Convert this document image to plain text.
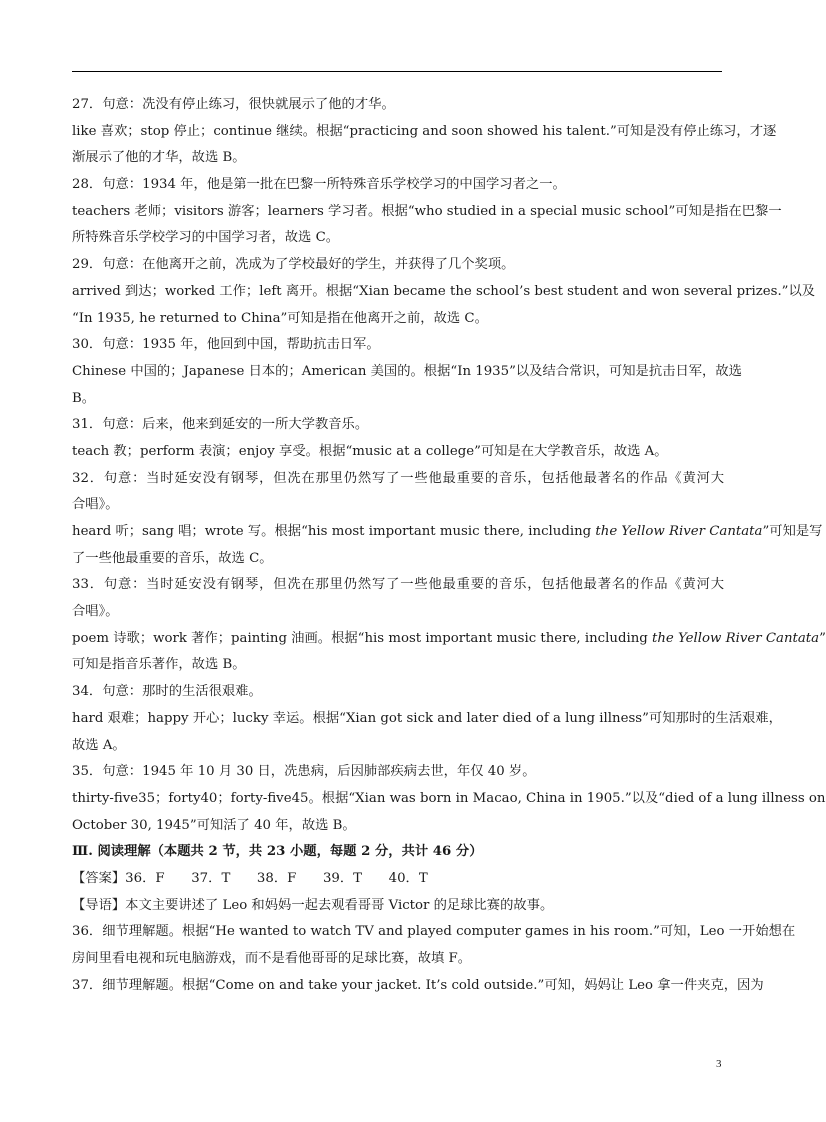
27．句意：冼没有停止练习，很快就展示了他的才华。
like 喜欢；stop 停止；continue 继续。根据“practicing and soon showed his talent.”可知是没有停止练习，才逐
渐展示了他的才华，故选 B。
28．句意：1934 年，他是第一批在巴黎一所特殊音乐学校学习的中国学习者之一。
teachers 老师；visitors 游客；learners 学习者。根据“who studied in a special music school”可知是指在巴黎一
所特殊音乐学校学习的中国学习者，故选 C。
29．句意：在他离开之前，冼成为了学校最好的学生，并获得了几个奖项。
arrived 到达；worked 工作；left 离开。根据“Xian became the school’s best student and won several prizes.”以及
“In 1935, he returned to China”可知是指在他离开之前，故选 C。
30．句意：1935 年，他回到中国，帮助抗击日军。
Chinese 中国的；Japanese 日本的；American 美国的。根据“In 1935”以及结合常识，可知是抗击日军，故选
B。
31．句意：后来，他来到延安的一所大学教音乐。
teach 教；perform 表演；enjoy 享受。根据“music at a college”可知是在大学教音乐，故选 A。
32．句意：当时延安没有钢琴，但冼在那里仍然写了一些他最重要的音乐，包括他最著名的作品《黄河大
合唱》。
heard 听；sang 唱；wrote 写。根据“his most important music there, including the Yellow River Cantata”可知是写
了一些他最重要的音乐，故选 C。
33．句意：当时延安没有钢琴，但冼在那里仍然写了一些他最重要的音乐，包括他最著名的作品《黄河大
合唱》。
poem 诗歌；work 著作；painting 油画。根据“his most important music there, including the Yellow River Cantata”
可知是指音乐著作，故选 B。
34．句意：那时的生活很艰难。
hard 艰难；happy 开心；lucky 幸运。根据“Xian got sick and later died of a lung illness”可知那时的生活艰难，
故选 A。
35．句意：1945 年 10 月 30 日，冼患病，后因肺部疾病去世，年仅 40 岁。
thirty-five35；forty40；forty-five45。根据“Xian was born in Macao, China in 1905.”以及“died of a lung illness on
October 30, 1945”可知活了 40 年，故选 B。
Ⅲ. 阅读理解（本题共 2 节，共 23 小题，每题 2 分，共计 46 分）
【答案】36．F　　37．T　　38．F　　39．T　　40．T
【导语】本文主要讲述了 Leo 和妈妈一起去观看哥哥 Victor 的足球比赛的故事。
36．细节理解题。根据“He wanted to watch TV and played computer games in his room.”可知，Leo 一开始想在
房间里看电视和玩电脑游戏，而不是看他哥哥的足球比赛，故填 F。
37．细节理解题。根据“Come on and take your jacket. It’s cold outside.”可知，妈妈让 Leo 拿一件夹克，因为
3
